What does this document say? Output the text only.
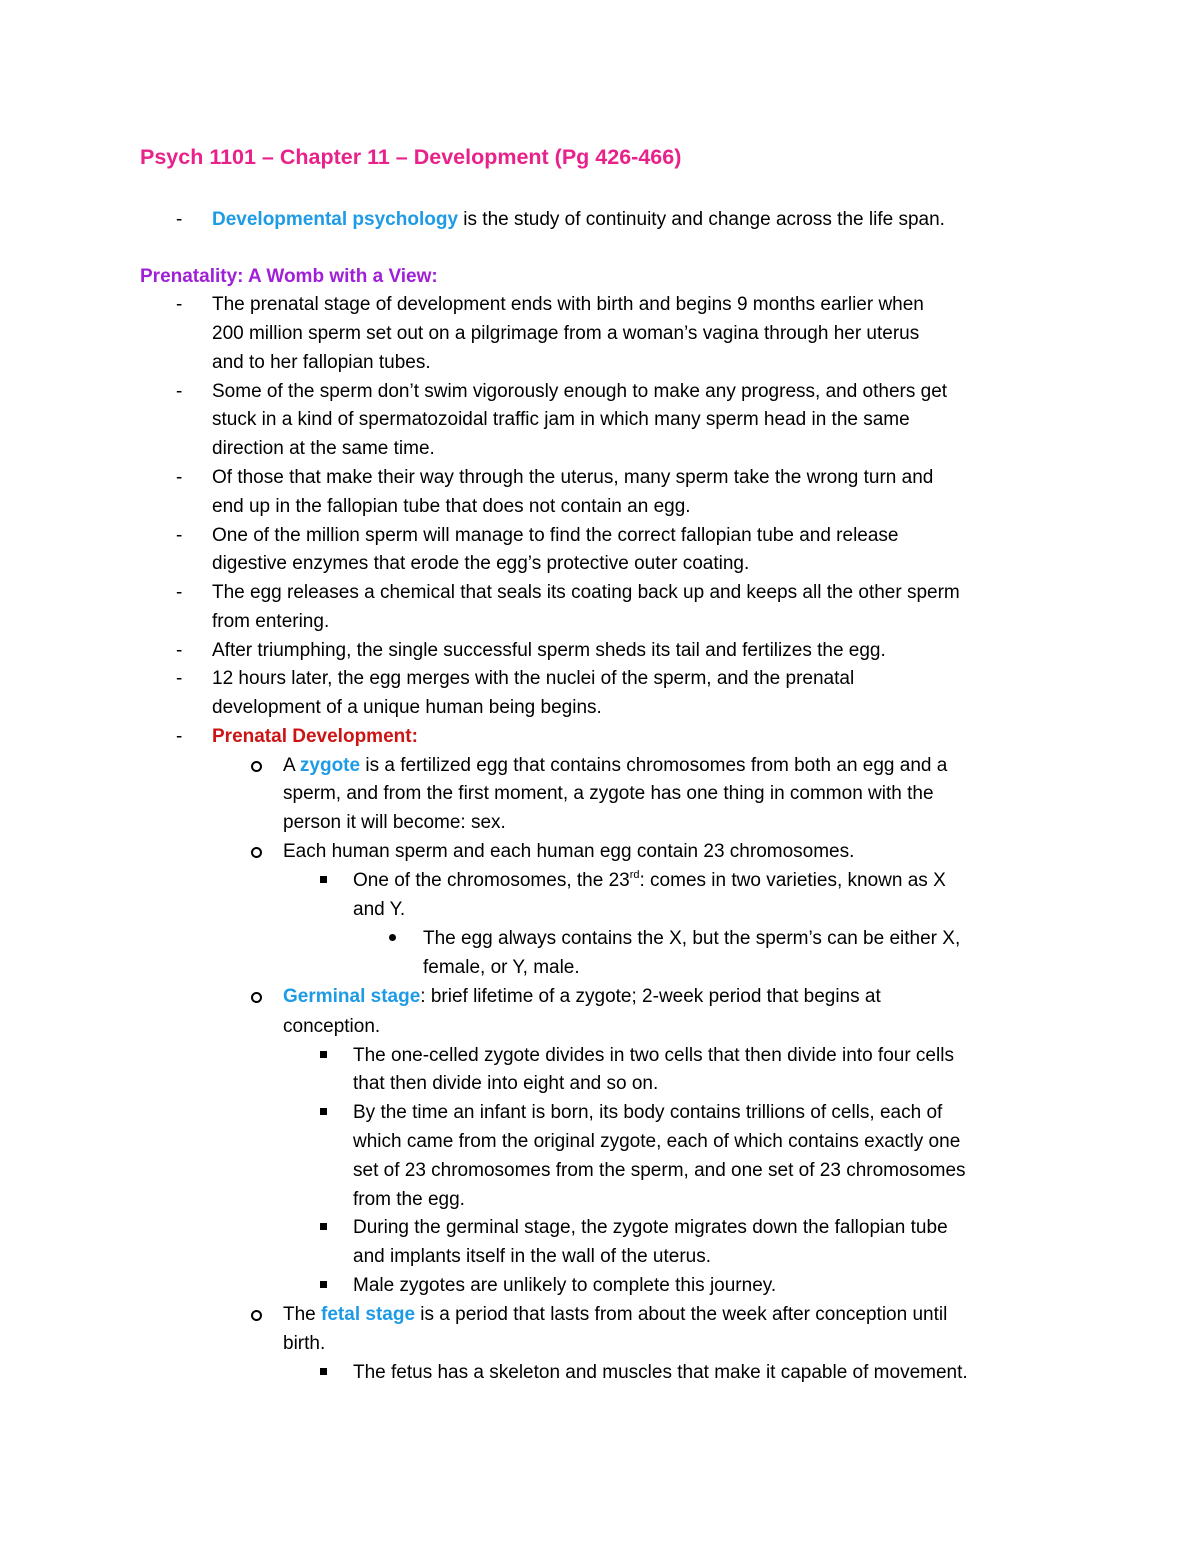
Psych 1101 – Chapter 11 – Development (Pg 426-466)
- Developmental psychology is the study of continuity and change across the life span.
Prenatality: A Womb with a View:
- The prenatal stage of development ends with birth and begins 9 months earlier when
200 million sperm set out on a pilgrimage from a woman’s vagina through her uterus
and to her fallopian tubes.
- Some of the sperm don’t swim vigorously enough to make any progress, and others get
stuck in a kind of spermatozoidal traffic jam in which many sperm head in the same
direction at the same time.
- Of those that make their way through the uterus, many sperm take the wrong turn and
end up in the fallopian tube that does not contain an egg.
- One of the million sperm will manage to find the correct fallopian tube and release
digestive enzymes that erode the egg’s protective outer coating.
- The egg releases a chemical that seals its coating back up and keeps all the other sperm
from entering.
- After triumphing, the single successful sperm sheds its tail and fertilizes the egg.
- 12 hours later, the egg merges with the nuclei of the sperm, and the prenatal
development of a unique human being begins.
- Prenatal Development:
A zygote is a fertilized egg that contains chromosomes from both an egg and a
sperm, and from the first moment, a zygote has one thing in common with the
person it will become: sex.
Each human sperm and each human egg contain 23 chromosomes.
One of the chromosomes, the 23rd: comes in two varieties, known as X
and Y.
The egg always contains the X, but the sperm’s can be either X,
female, or Y, male.
Germinal stage: brief lifetime of a zygote; 2-week period that begins at
conception.
The one-celled zygote divides in two cells that then divide into four cells
that then divide into eight and so on.
By the time an infant is born, its body contains trillions of cells, each of
which came from the original zygote, each of which contains exactly one
set of 23 chromosomes from the sperm, and one set of 23 chromosomes
from the egg.
During the germinal stage, the zygote migrates down the fallopian tube
and implants itself in the wall of the uterus.
Male zygotes are unlikely to complete this journey.
The fetal stage is a period that lasts from about the week after conception until
birth.
The fetus has a skeleton and muscles that make it capable of movement.
